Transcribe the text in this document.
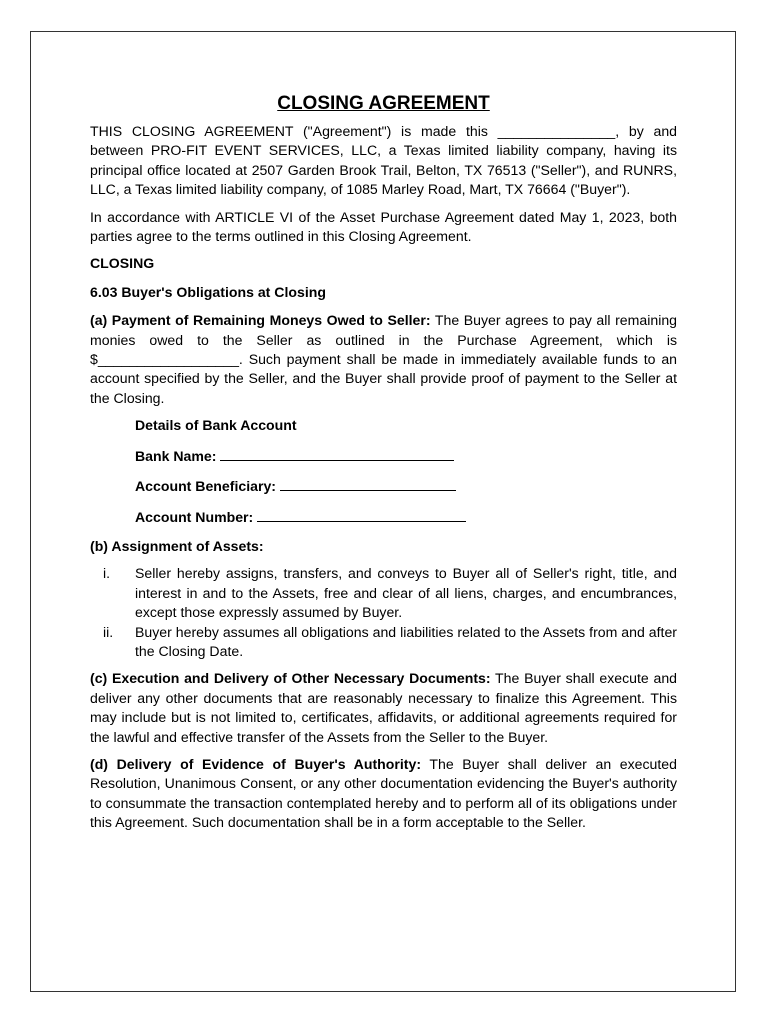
CLOSING AGREEMENT

THIS CLOSING AGREEMENT ("Agreement") is made this _______________, by and between PRO-FIT EVENT SERVICES, LLC, a Texas limited liability company, having its principal office located at 2507 Garden Brook Trail, Belton, TX 76513 ("Seller"), and RUNRS, LLC, a Texas limited liability company, of 1085 Marley Road, Mart, TX 76664 ("Buyer").

In accordance with ARTICLE VI of the Asset Purchase Agreement dated May 1, 2023, both parties agree to the terms outlined in this Closing Agreement.

CLOSING
6.03 Buyer's Obligations at Closing

(a) Payment of Remaining Moneys Owed to Seller: The Buyer agrees to pay all remaining monies owed to the Seller as outlined in the Purchase Agreement, which is $__________________. Such payment shall be made in immediately available funds to an account specified by the Seller, and the Buyer shall provide proof of payment to the Seller at the Closing.

Details of Bank Account
Bank Name:
Account Beneficiary:
Account Number:
(b) Assignment of Assets:
i. Seller hereby assigns, transfers, and conveys to Buyer all of Seller's right, title, and interest in and to the Assets, free and clear of all liens, charges, and encumbrances, except those expressly assumed by Buyer.
ii. Buyer hereby assumes all obligations and liabilities related to the Assets from and after the Closing Date.

(c) Execution and Delivery of Other Necessary Documents: The Buyer shall execute and deliver any other documents that are reasonably necessary to finalize this Agreement. This may include but is not limited to, certificates, affidavits, or additional agreements required for the lawful and effective transfer of the Assets from the Seller to the Buyer.

(d) Delivery of Evidence of Buyer's Authority: The Buyer shall deliver an executed Resolution, Unanimous Consent, or any other documentation evidencing the Buyer's authority to consummate the transaction contemplated hereby and to perform all of its obligations under this Agreement. Such documentation shall be in a form acceptable to the Seller.
